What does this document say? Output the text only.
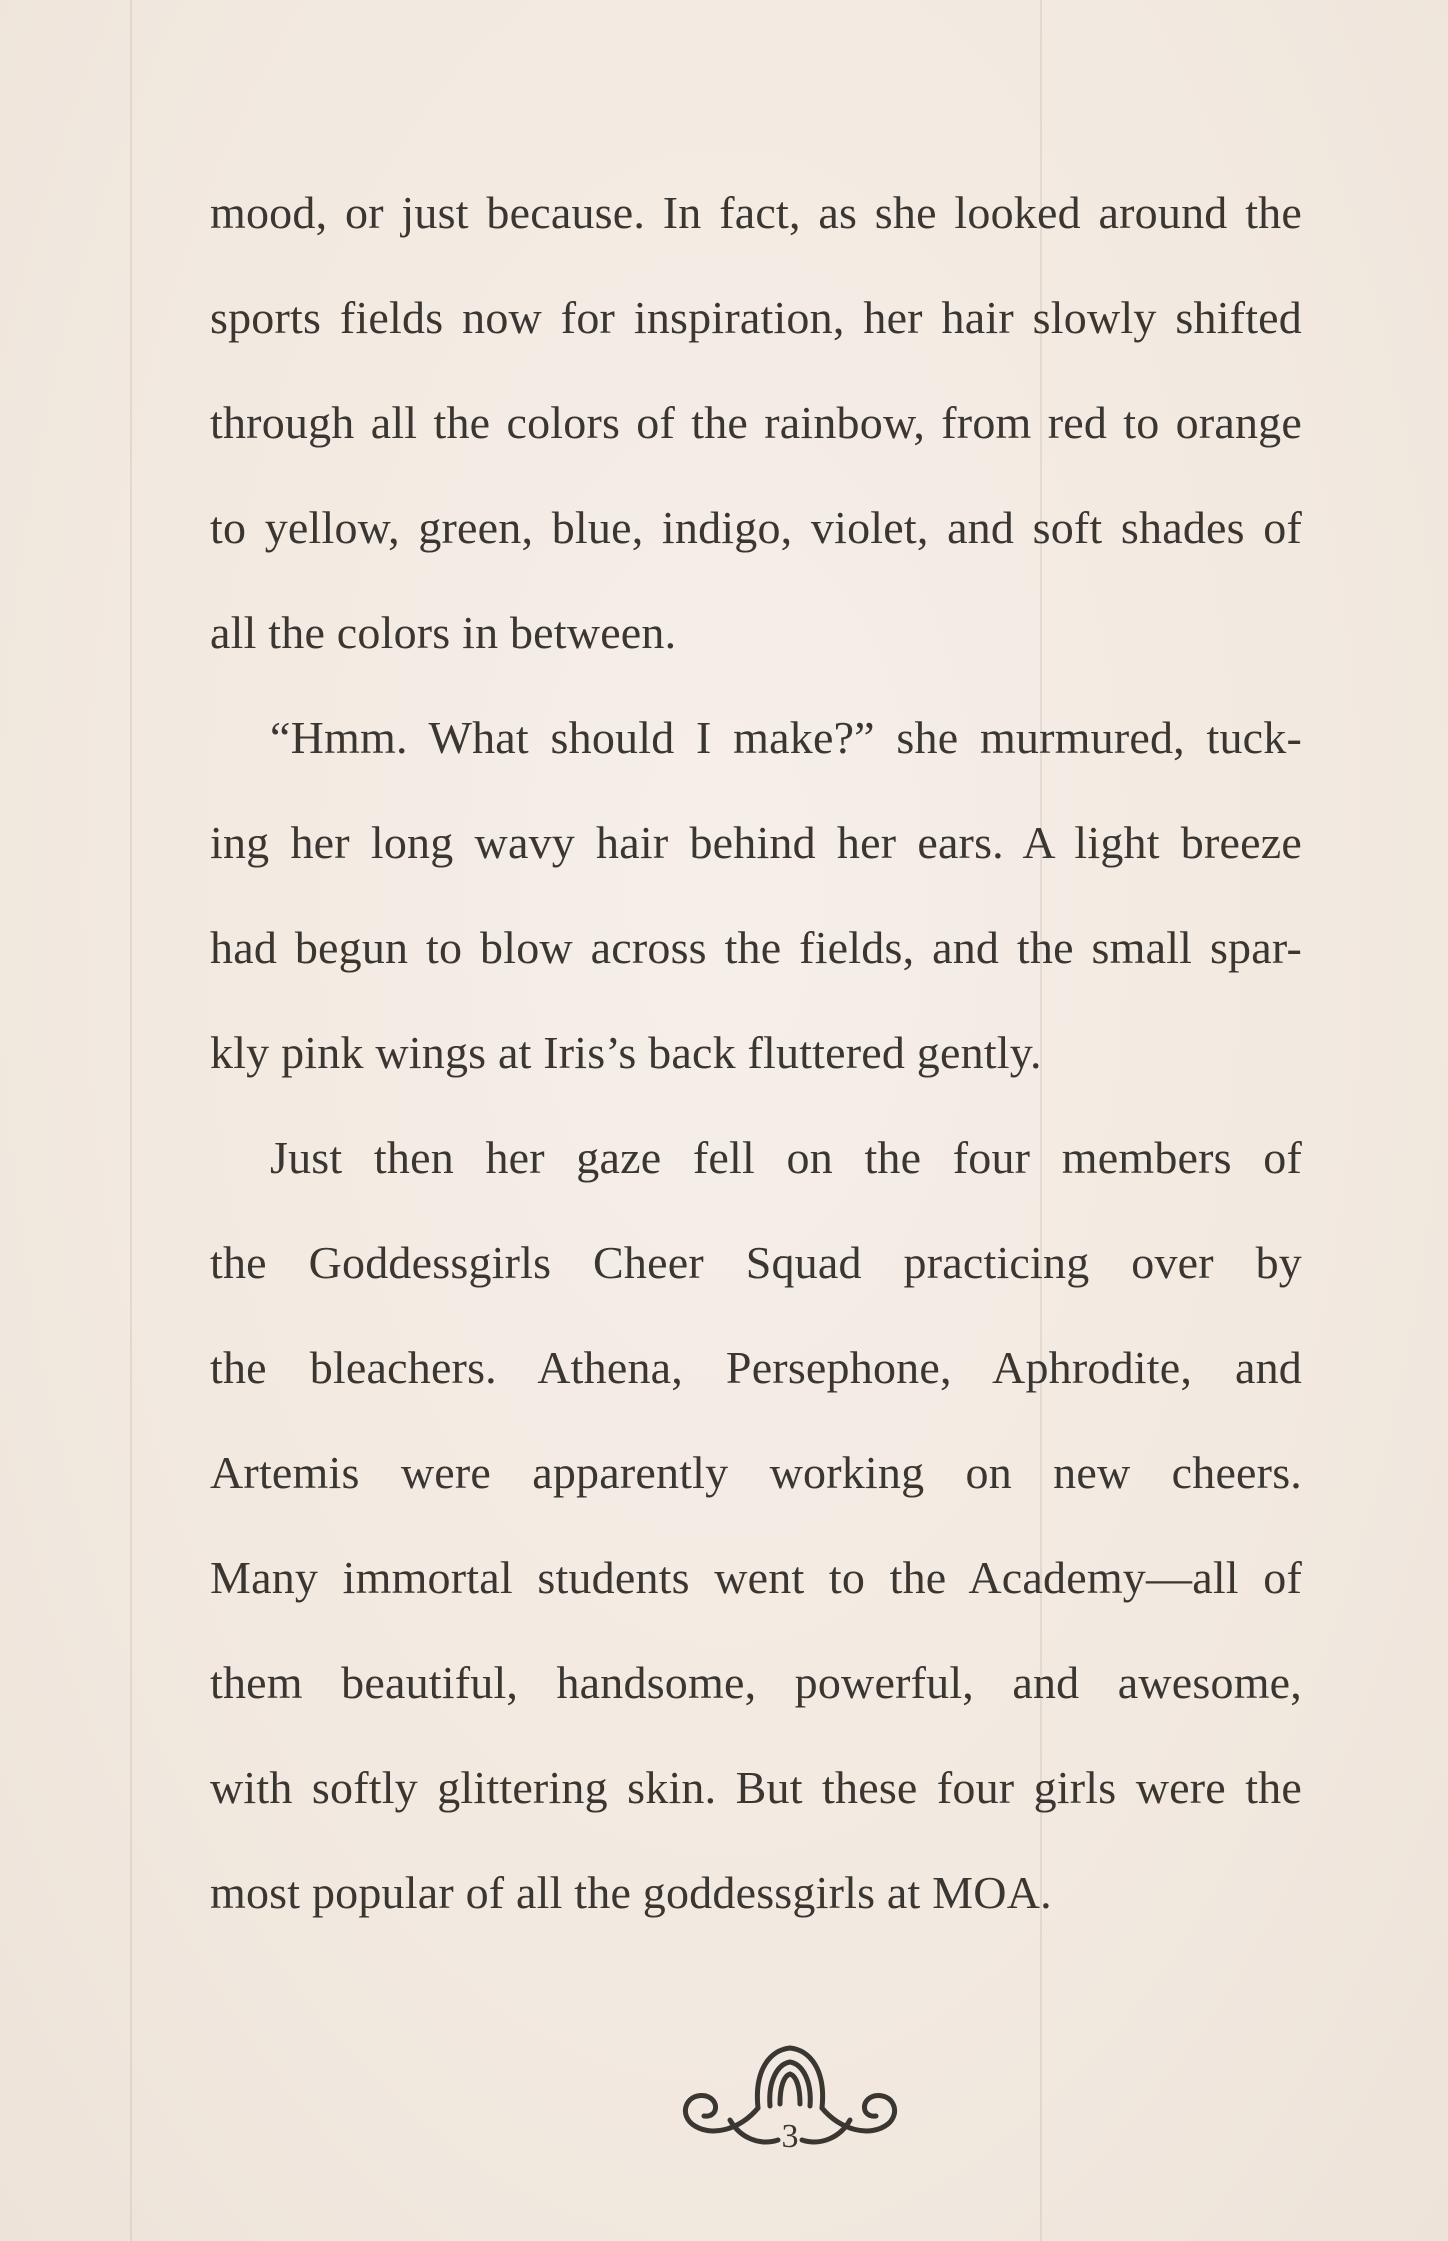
mood, or just because. In fact, as she looked around the
sports fields now for inspiration, her hair slowly shifted
through all the colors of the rainbow, from red to orange
to yellow, green, blue, indigo, violet, and soft shades of
all the colors in between.

“Hmm. What should I make?” she murmured, tuck-
ing her long wavy hair behind her ears. A light breeze
had begun to blow across the fields, and the small spar-
kly pink wings at Iris’s back fluttered gently.

Just then her gaze fell on the four members of
the Goddessgirls Cheer Squad practicing over by
the bleachers. Athena, Persephone, Aphrodite, and
Artemis were apparently working on new cheers.
Many immortal students went to the Academy—all of
them beautiful, handsome, powerful, and awesome,
with softly glittering skin. But these four girls were the
most popular of all the goddessgirls at MOA.

3
